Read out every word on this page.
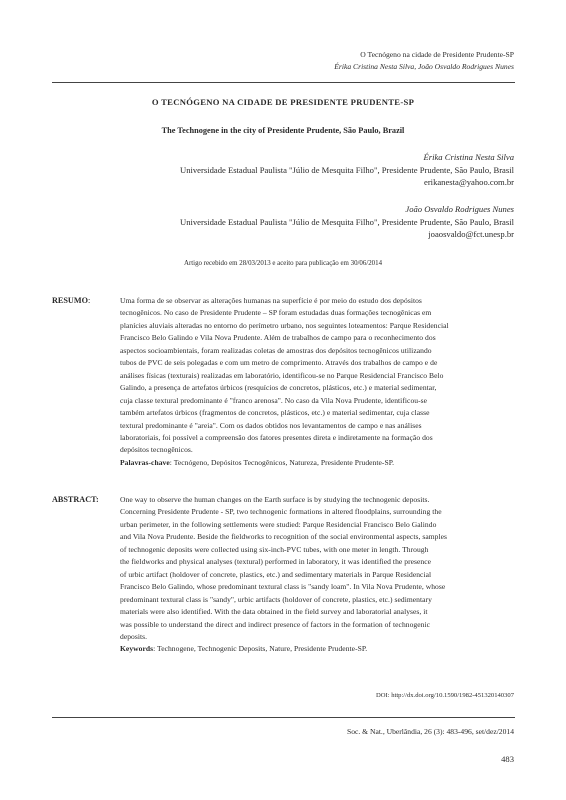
O Tecnógeno na cidade de Presidente Prudente-SP
Érika Cristina Nesta Silva, João Osvaldo Rodrigues Nunes
O TECNÓGENO NA CIDADE DE PRESIDENTE PRUDENTE-SP
The Technogene in the city of Presidente Prudente, São Paulo, Brazil
Érika Cristina Nesta Silva
Universidade Estadual Paulista "Júlio de Mesquita Filho", Presidente Prudente, São Paulo, Brasil
erikanesta@yahoo.com.br
João Osvaldo Rodrigues Nunes
Universidade Estadual Paulista "Júlio de Mesquita Filho", Presidente Prudente, São Paulo, Brasil
joaosvaldo@fct.unesp.br
Artigo recebido em 28/03/2013 e aceito para publicação em 30/06/2014
RESUMO:	Uma forma de se observar as alterações humanas na superfície é por meio do estudo dos depósitos

tecnogênicos. No caso de Presidente Prudente – SP foram estudadas duas formações tecnogênicas em

planícies aluviais alteradas no entorno do perímetro urbano, nos seguintes loteamentos: Parque Residencial

Francisco Belo Galindo e Vila Nova Prudente. Além de trabalhos de campo para o reconhecimento dos

aspectos socioambientais, foram realizadas coletas de amostras dos depósitos tecnogênicos utilizando

tubos de PVC de seis polegadas e com um metro de comprimento. Através dos trabalhos de campo e de

análises físicas (texturais) realizadas em laboratório, identificou-se no Parque Residencial Francisco Belo

Galindo, a presença de artefatos úrbicos (resquícios de concretos, plásticos, etc.) e material sedimentar,

cuja classe textural predominante é "franco arenosa". No caso da Vila Nova Prudente, identificou-se

também artefatos úrbicos (fragmentos de concretos, plásticos, etc.) e material sedimentar, cuja classe

textural predominante é "areia". Com os dados obtidos nos levantamentos de campo e nas análises

laboratoriais, foi possível a compreensão dos fatores presentes direta e indiretamente na formação dos

depósitos tecnogênicos.

Palavras-chave: Tecnógeno, Depósitos Tecnogênicos, Natureza, Presidente Prudente-SP.

ABSTRACT:	One way to observe the human changes on the Earth surface is by studying the technogenic deposits.

Concerning Presidente Prudente - SP, two technogenic formations in altered floodplains, surrounding the

urban perimeter, in the following settlements were studied: Parque Residencial Francisco Belo Galindo

and Vila Nova Prudente. Beside the fieldworks to recognition of the social environmental aspects, samples

of technogenic deposits were collected using six-inch-PVC tubes, with one meter in length. Through

the fieldworks and physical analyses (textural) performed in laboratory, it was identified the presence

of urbic artifact (holdover of concrete, plastics, etc.) and sedimentary materials in Parque Residencial

Francisco Belo Galindo, whose predominant textural class is "sandy loam". In Vila Nova Prudente, whose

predominant textural class is "sandy", urbic artifacts (holdover of concrete, plastics, etc.) sedimentary

materials were also identified. With the data obtained in the field survey and laboratorial analyses, it

was possible to understand the direct and indirect presence of factors in the formation of technogenic

deposits.

Keywords: Technogene, Technogenic Deposits, Nature, Presidente Prudente-SP.

DOI: http://dx.doi.org/10.1590/1982-451320140307
Soc. & Nat., Uberlândia, 26 (3): 483-496, set/dez/2014
483
